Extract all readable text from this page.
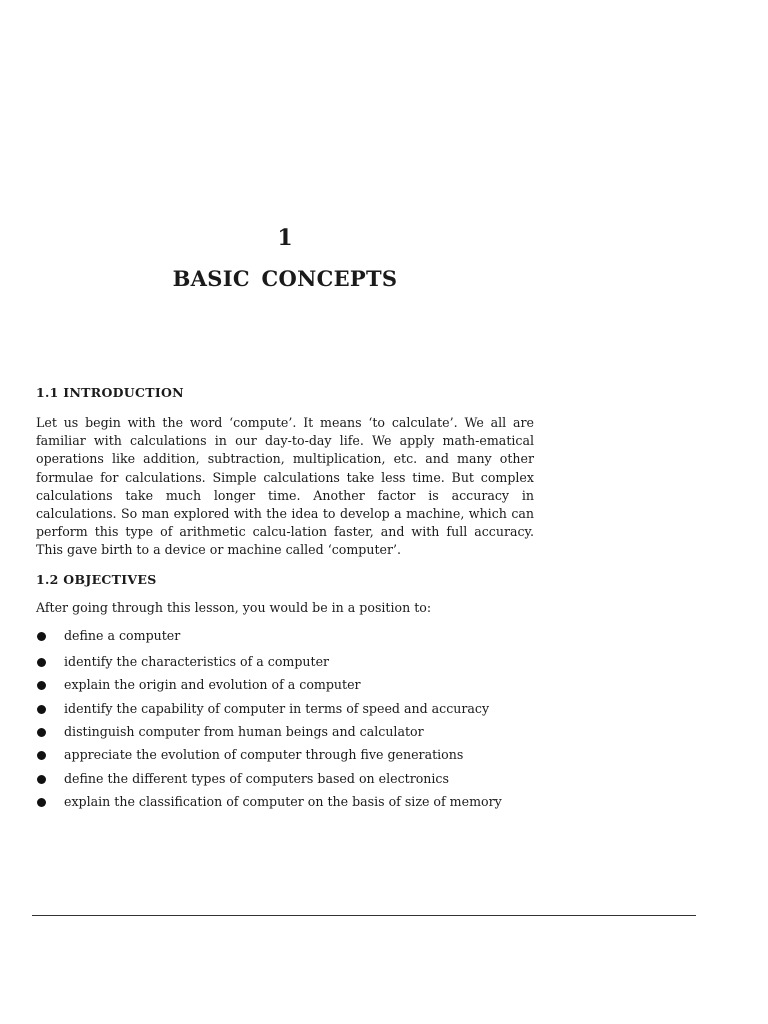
1
BASIC CONCEPTS
1.1 INTRODUCTION

Let us begin with the word ‘compute’. It means ‘to calculate’. We all are familiar with calculations in our day-to-day life. We apply math-ematical operations like addition, subtraction, multiplication, etc. and many other formulae for calculations. Simple calculations take less time. But complex calculations take much longer time. Another factor is accuracy in calculations. So man explored with the idea to develop a machine, which can perform this type of arithmetic calcu-lation faster, and with full accuracy. This gave birth to a device or machine called ‘computer’.

1.2 OBJECTIVES

After going through this lesson, you would be in a position to:

define a computer
identify the characteristics of a computer
explain the origin and evolution of a computer
identify the capability of computer in terms of speed and accuracy
distinguish computer from human beings and calculator
appreciate the evolution of computer through five generations
define the different types of computers based on electronics
explain the classification of computer on the basis of size of memory
